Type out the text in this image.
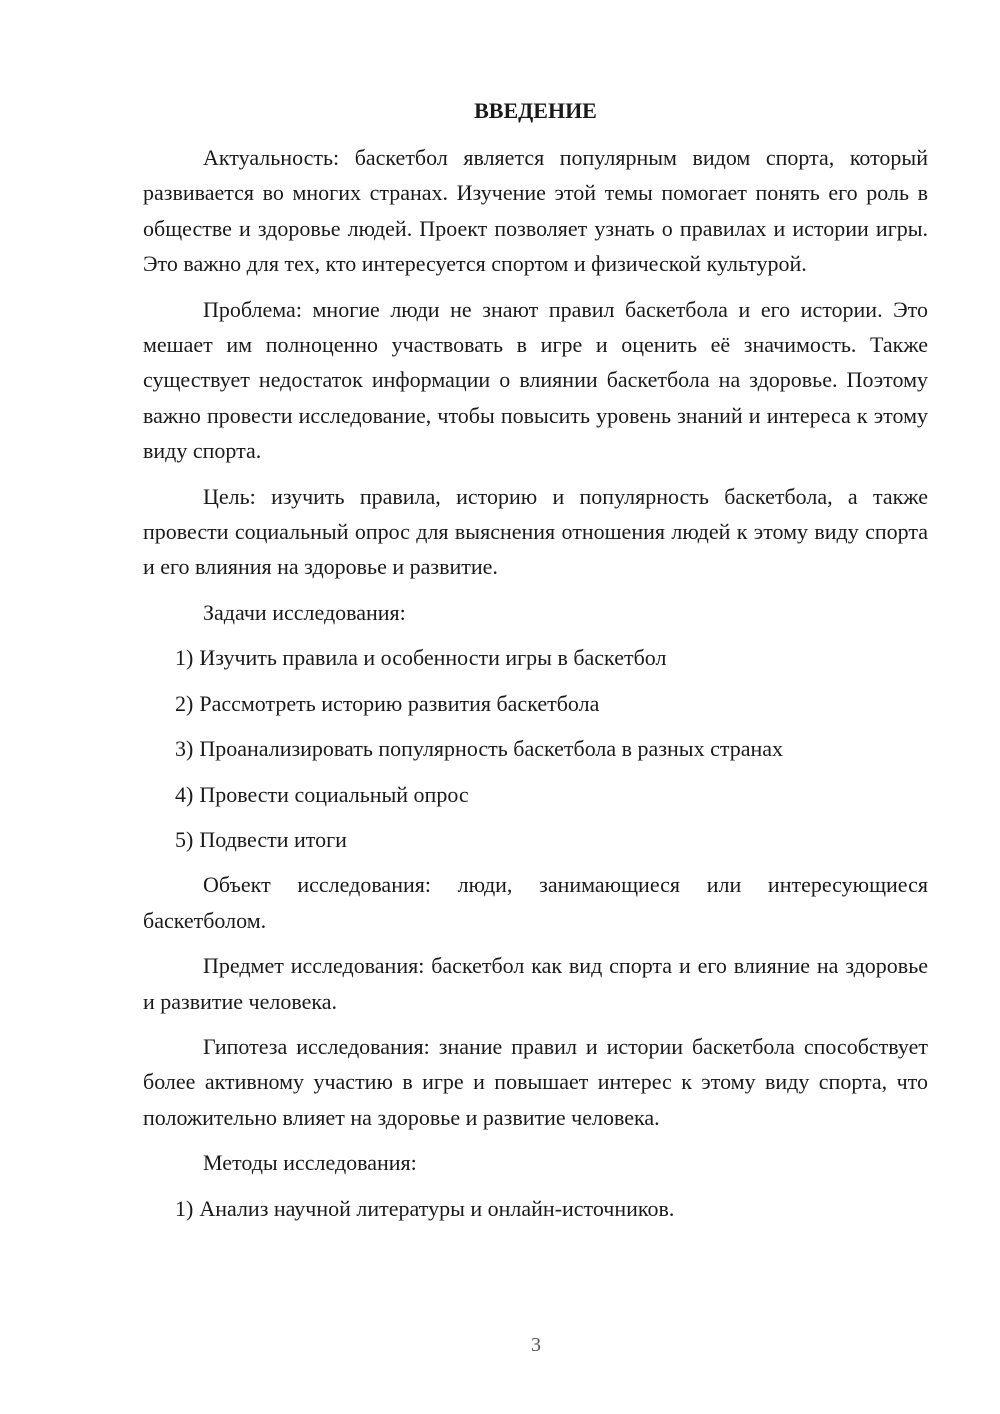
ВВЕДЕНИЕ

Актуальность: баскетбол является популярным видом спорта, который развивается во многих странах. Изучение этой темы помогает понять его роль в обществе и здоровье людей. Проект позволяет узнать о правилах и истории игры. Это важно для тех, кто интересуется спортом и физической культурой.

Проблема: многие люди не знают правил баскетбола и его истории. Это мешает им полноценно участвовать в игре и оценить её значимость. Также существует недостаток информации о влиянии баскетбола на здоровье. Поэтому важно провести исследование, чтобы повысить уровень знаний и интереса к этому виду спорта.

Цель: изучить правила, историю и популярность баскетбола, а также провести социальный опрос для выяснения отношения людей к этому виду спорта и его влияния на здоровье и развитие.

Задачи исследования:

1) Изучить правила и особенности игры в баскетбол

2) Рассмотреть историю развития баскетбола

3) Проанализировать популярность баскетбола в разных странах

4) Провести социальный опрос

5) Подвести итоги

Объект исследования: люди, занимающиеся или интересующиеся баскетболом.

Предмет исследования: баскетбол как вид спорта и его влияние на здоровье и развитие человека.

Гипотеза исследования: знание правил и истории баскетбола способствует более активному участию в игре и повышает интерес к этому виду спорта, что положительно влияет на здоровье и развитие человека.

Методы исследования:

1) Анализ научной литературы и онлайн-источников.

3
